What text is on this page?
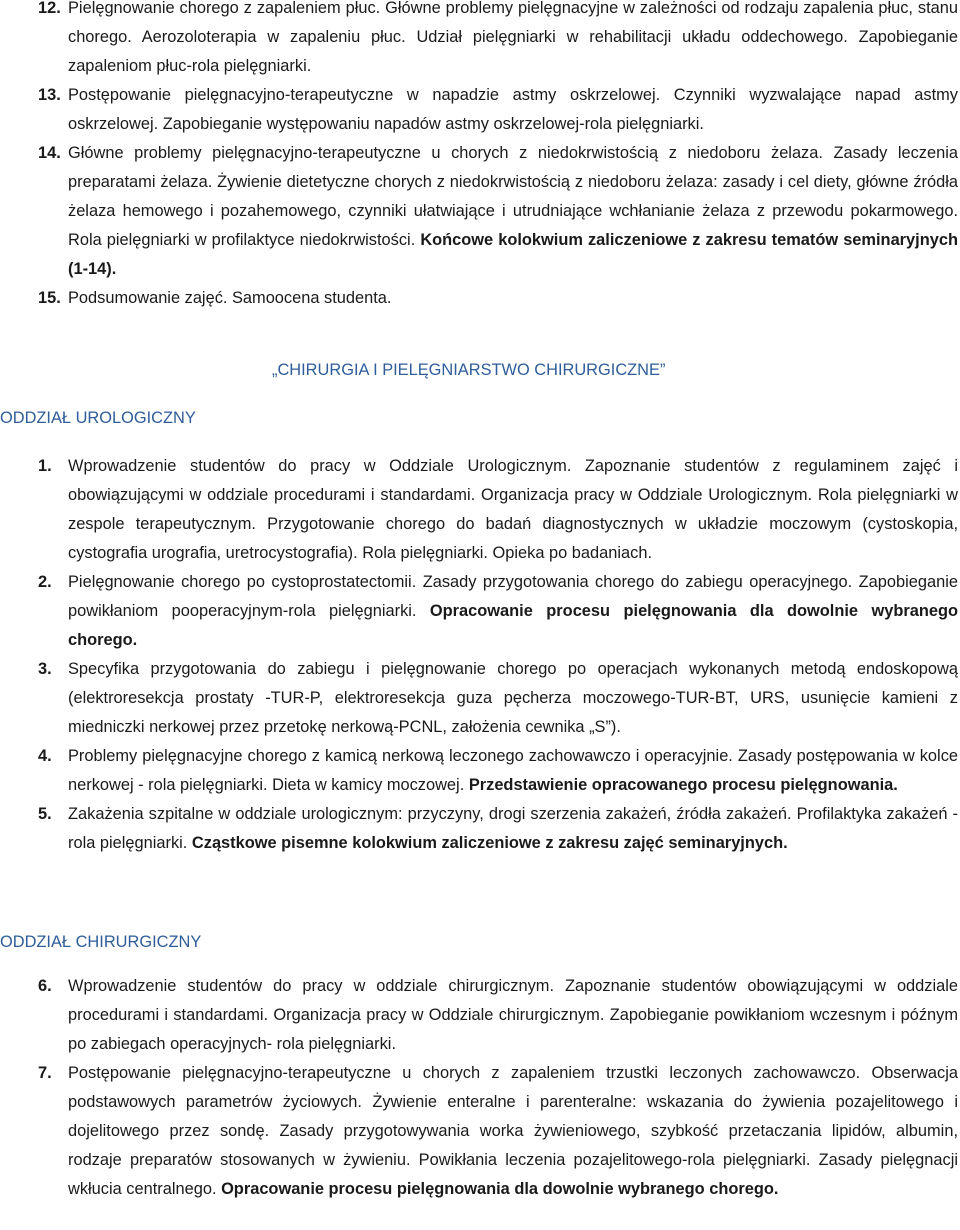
12. Pielęgnowanie chorego z zapaleniem płuc. Główne problemy pielęgnacyjne w zależności od rodzaju zapalenia płuc, stanu chorego. Aerozoloterapia w zapaleniu płuc. Udział pielęgniarki w rehabilitacji układu oddechowego. Zapobieganie zapaleniom płuc-rola pielęgniarki.
13. Postępowanie pielęgnacyjno-terapeutyczne w napadzie astmy oskrzelowej. Czynniki wyzwalające napad astmy oskrzelowej. Zapobieganie występowaniu napadów astmy oskrzelowej-rola pielęgniarki.
14. Główne problemy pielęgnacyjno-terapeutyczne u chorych z niedokrwistością z niedoboru żelaza. Zasady leczenia preparatami żelaza. Żywienie dietetyczne chorych z niedokrwistością z niedoboru żelaza: zasady i cel diety, główne źródła żelaza hemowego i pozahemowego, czynniki ułatwiające i utrudniające wchłanianie żelaza z przewodu pokarmowego. Rola pielęgniarki w profilaktyce niedokrwistości. Końcowe kolokwium zaliczeniowe z zakresu tematów seminaryjnych (1-14).
15. Podsumowanie zajęć. Samoocena studenta.
„CHIRURGIA I PIELĘGNIARSTWO CHIRURGICZNE”
ODDZIAŁ UROLOGICZNY
1. Wprowadzenie studentów do pracy w Oddziale Urologicznym. Zapoznanie studentów z regulaminem zajęć i obowiązującymi w oddziale procedurami i standardami. Organizacja pracy w Oddziale Urologicznym. Rola pielęgniarki w zespole terapeutycznym. Przygotowanie chorego do badań diagnostycznych w układzie moczowym (cystoskopia, cystografia urografia, uretrocystografia). Rola pielęgniarki. Opieka po badaniach.
2. Pielęgnowanie chorego po cystoprostatectomii. Zasady przygotowania chorego do zabiegu operacyjnego. Zapobieganie powikłaniom pooperacyjnym-rola pielęgniarki. Opracowanie procesu pielęgnowania dla dowolnie wybranego chorego.
3. Specyfika przygotowania do zabiegu i pielęgnowanie chorego po operacjach wykonanych metodą endoskopową (elektroresekcja prostaty -TUR-P, elektroresekcja guza pęcherza moczowego-TUR-BT, URS, usunięcie kamieni z miedniczki nerkowej przez przetokę nerkową-PCNL, założenia cewnika „S”).
4. Problemy pielęgnacyjne chorego z kamicą nerkową leczonego zachowawczo i operacyjnie. Zasady postępowania w kolce nerkowej - rola pielęgniarki. Dieta w kamicy moczowej. Przedstawienie opracowanego procesu pielęgnowania.
5. Zakażenia szpitalne w oddziale urologicznym: przyczyny, drogi szerzenia zakażeń, źródła zakażeń. Profilaktyka zakażeń - rola pielęgniarki. Cząstkowe pisemne kolokwium zaliczeniowe z zakresu zajęć seminaryjnych.
ODDZIAŁ CHIRURGICZNY
6. Wprowadzenie studentów do pracy w oddziale chirurgicznym. Zapoznanie studentów obowiązującymi w oddziale procedurami i standardami. Organizacja pracy w Oddziale chirurgicznym. Zapobieganie powikłaniom wczesnym i późnym po zabiegach operacyjnych- rola pielęgniarki.
7. Postępowanie pielęgnacyjno-terapeutyczne u chorych z zapaleniem trzustki leczonych zachowawczo. Obserwacja podstawowych parametrów życiowych. Żywienie enteralne i parenteralne: wskazania do żywienia pozajelitowego i dojelitowego przez sondę. Zasady przygotowywania worka żywieniowego, szybkość przetaczania lipidów, albumin, rodzaje preparatów stosowanych w żywieniu. Powikłania leczenia pozajelitowego-rola pielęgniarki. Zasady pielęgnacji wkłucia centralnego. Opracowanie procesu pielęgnowania dla dowolnie wybranego chorego.
